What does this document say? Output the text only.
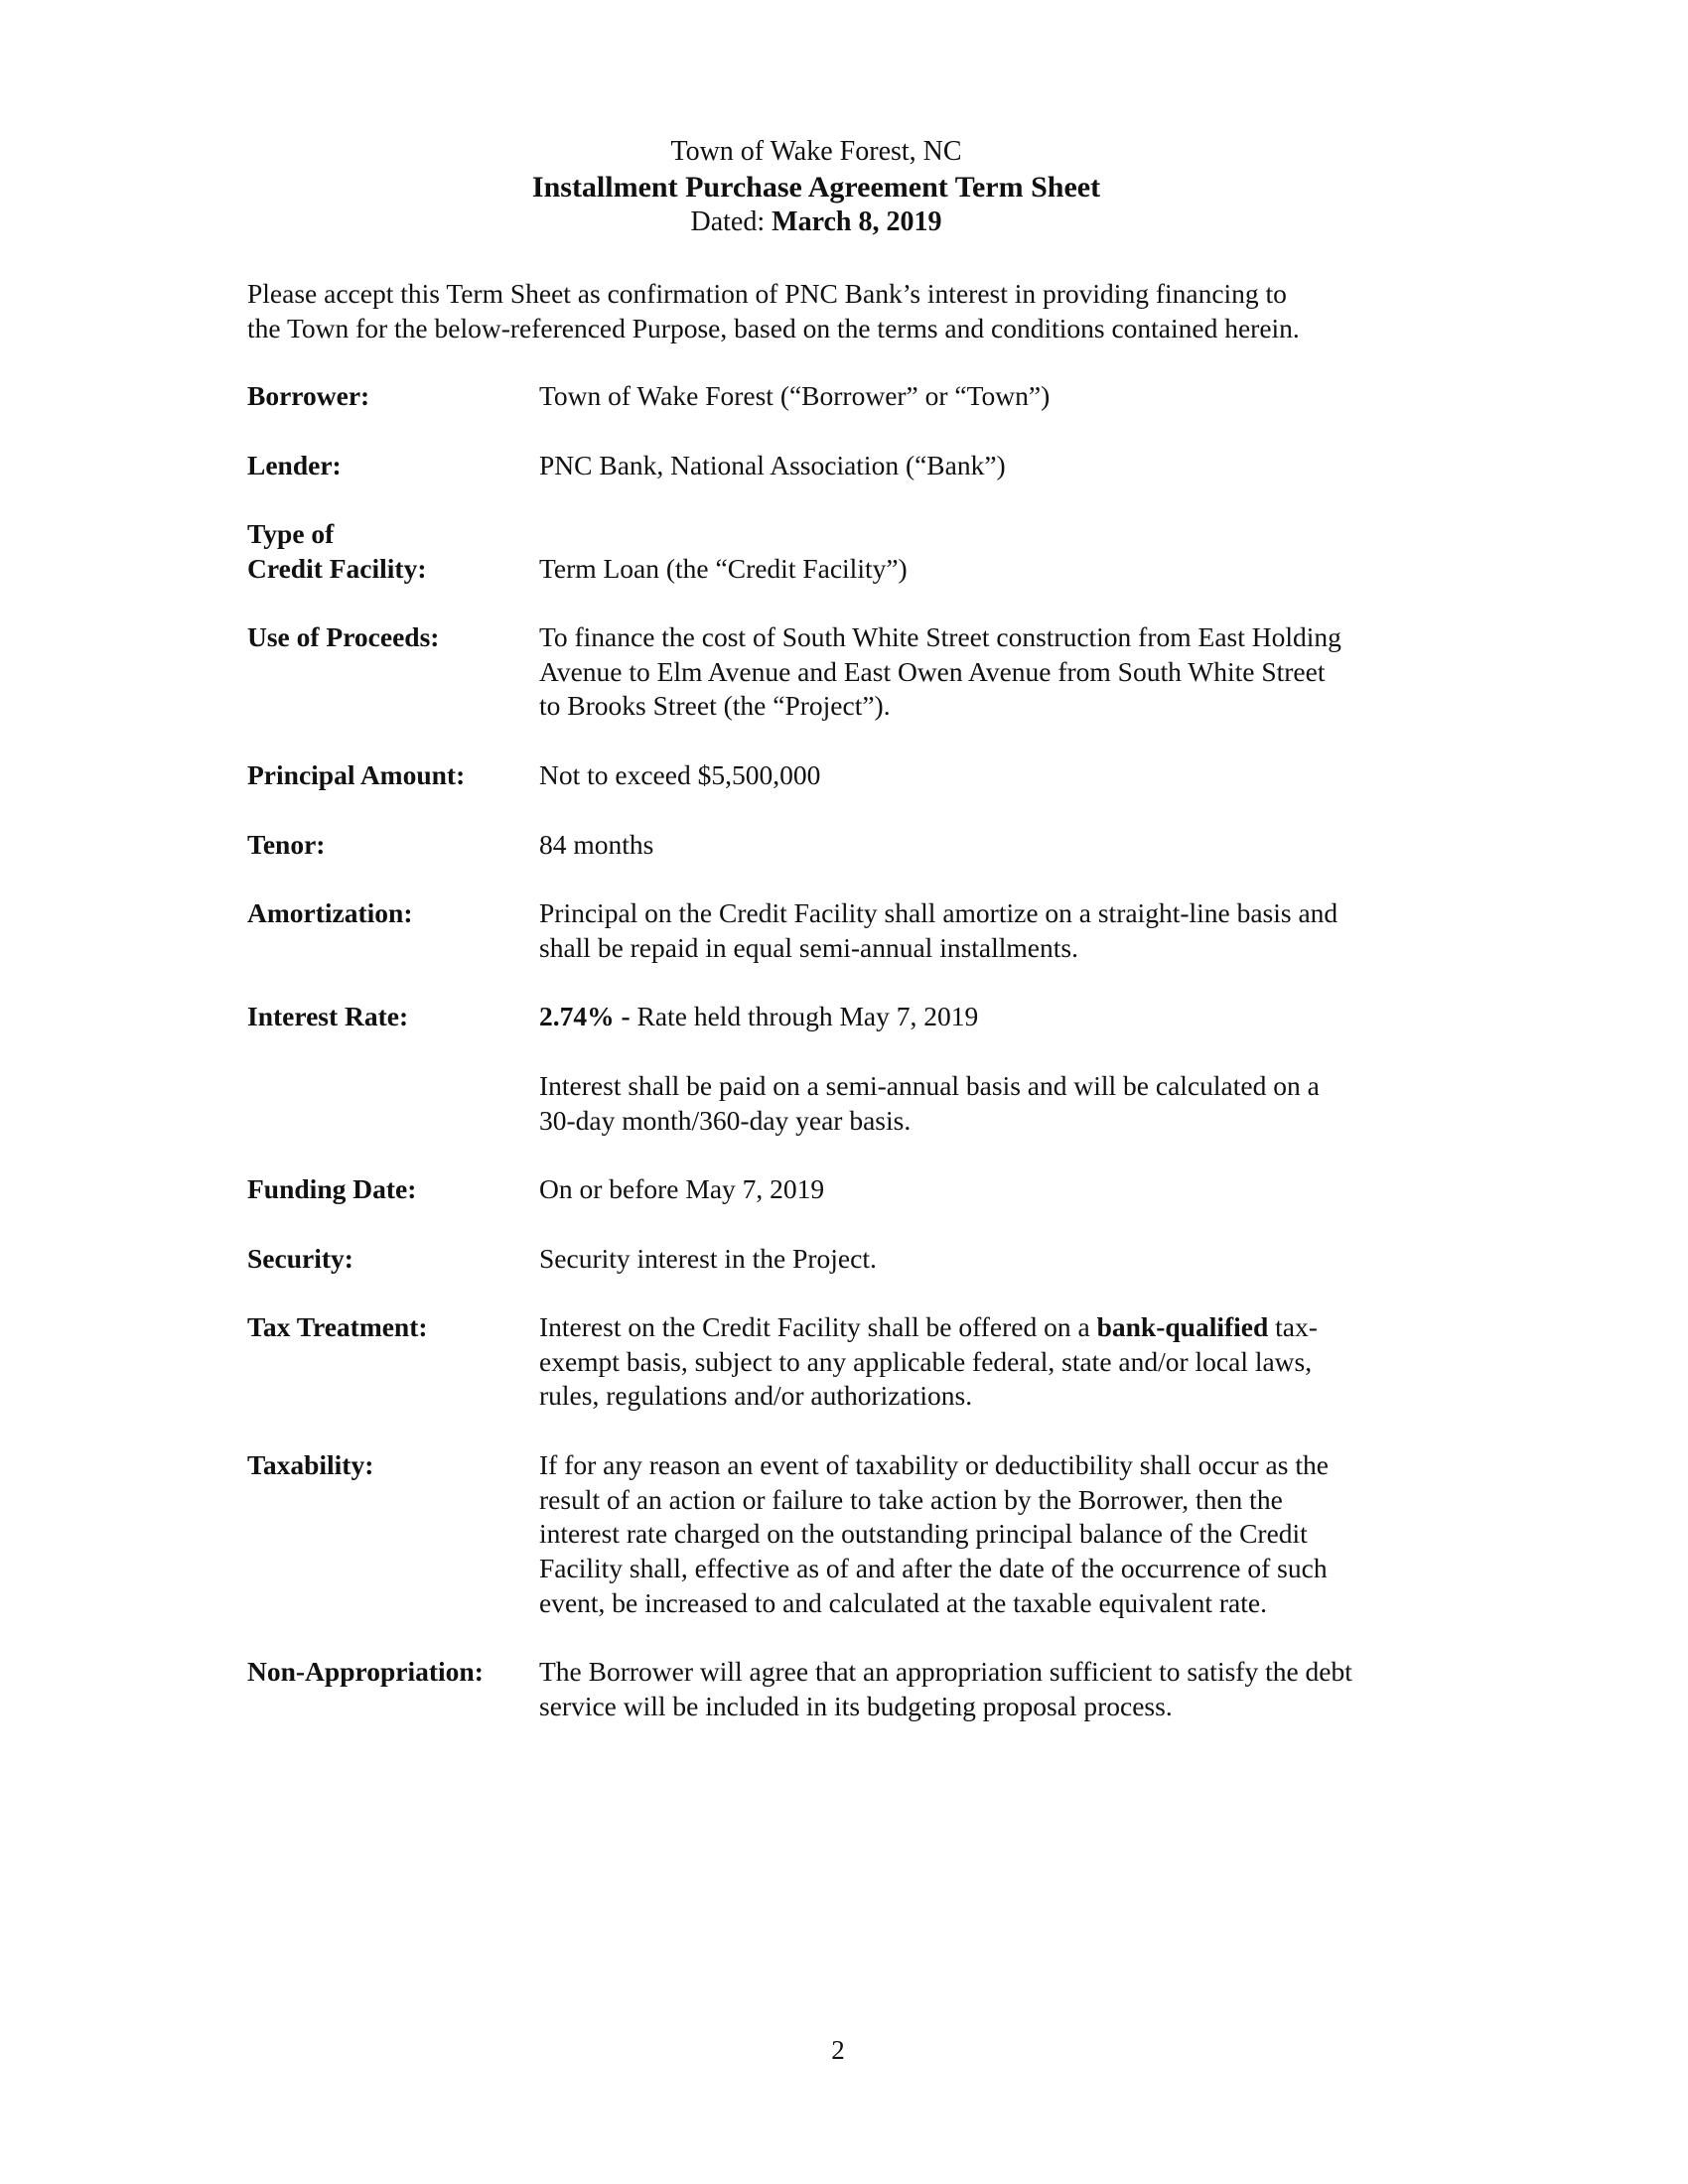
Town of Wake Forest, NC
Installment Purchase Agreement Term Sheet
Dated: March 8, 2019
Please accept this Term Sheet as confirmation of PNC Bank’s interest in providing financing to
the Town for the below-referenced Purpose, based on the terms and conditions contained herein.
Borrower:	Town of Wake Forest (“Borrower” or “Town”)
Lender:	PNC Bank, National Association (“Bank”)
Type of
Credit Facility:	Term Loan (the “Credit Facility”)
Use of Proceeds:	To finance the cost of South White Street construction from East Holding
Avenue to Elm Avenue and East Owen Avenue from South White Street
to Brooks Street (the “Project”).
Principal Amount:	Not to exceed $5,500,000
Tenor:	84 months
Amortization:	Principal on the Credit Facility shall amortize on a straight-line basis and
shall be repaid in equal semi-annual installments.
Interest Rate:	2.74% - Rate held through May 7, 2019
Interest shall be paid on a semi-annual basis and will be calculated on a
30-day month/360-day year basis.
Funding Date:	On or before May 7, 2019
Security:	Security interest in the Project.
Tax Treatment:	Interest on the Credit Facility shall be offered on a bank-qualified tax-
exempt basis, subject to any applicable federal, state and/or local laws,
rules, regulations and/or authorizations.
Taxability:	If for any reason an event of taxability or deductibility shall occur as the
result of an action or failure to take action by the Borrower, then the
interest rate charged on the outstanding principal balance of the Credit
Facility shall, effective as of and after the date of the occurrence of such
event, be increased to and calculated at the taxable equivalent rate.
Non-Appropriation: The Borrower will agree that an appropriation sufficient to satisfy the debt
service will be included in its budgeting proposal process.
2
